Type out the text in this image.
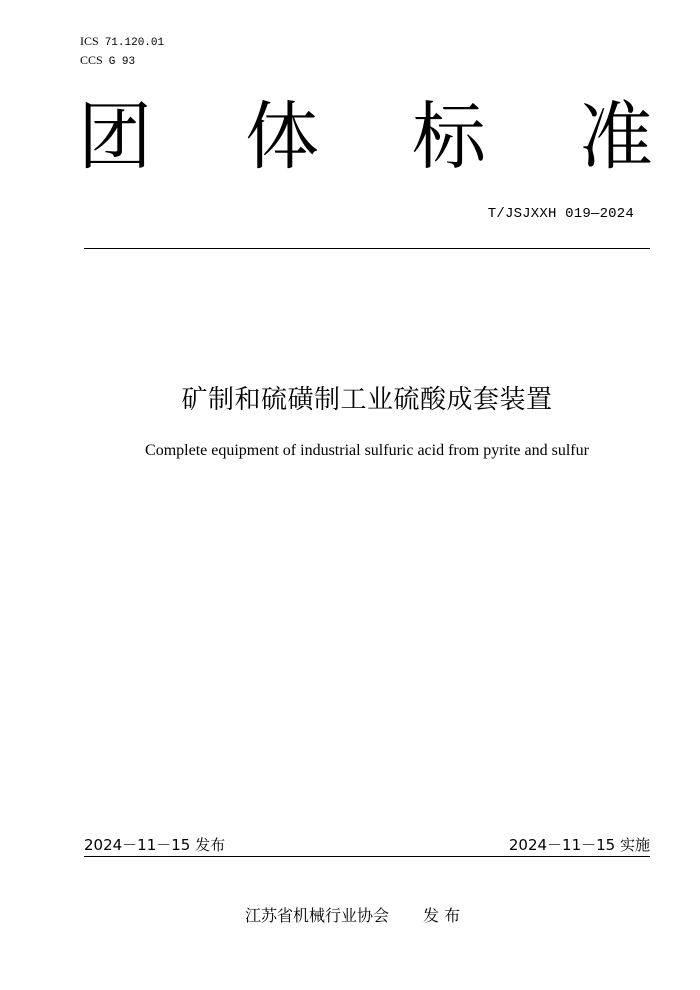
ICS 71.120.01
CCS G 93
团 体 标 准
T/JSJXXH 019—2024
矿制和硫磺制工业硫酸成套装置
Complete equipment of industrial sulfuric acid from pyrite and sulfur
2024－11－15 发布	2024－11－15 实施
江苏省机械行业协会 发 布
